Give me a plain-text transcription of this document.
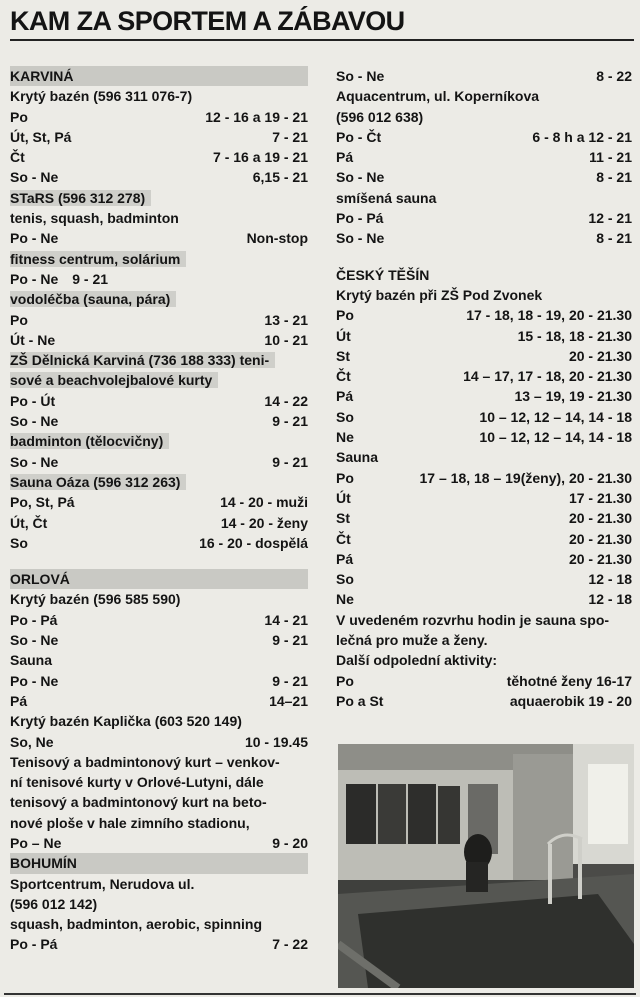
KAM ZA SPORTEM A ZÁBAVOU
KARVINÁ
Krytý bazén (596 311 076-7)
Po	12 - 16 a 19 - 21
Út, St, Pá	7 - 21
Čt	7 - 16 a 19 - 21
So - Ne	6,15 - 21
STaRS (596 312 278)
tenis, squash, badminton
Po - Ne	Non-stop
fitness centrum, solárium
Po - Ne	9 - 21
vodoléčba (sauna, pára)
Po	13 - 21
Út - Ne	10 - 21
ZŠ Dělnická Karviná (736 188 333) teni-
sové a beachvolejbalové kurty
Po - Út	14 - 22
So - Ne	9 - 21
badminton (tělocvičny)
So - Ne	9 - 21
Sauna Oáza (596 312 263)
Po, St, Pá	14 - 20 - muži
Út, Čt	14 - 20 - ženy
So	16 - 20 - dospělá
ORLOVÁ
Krytý bazén (596 585 590)
Po - Pá	14 - 21
So - Ne	9 - 21
Sauna
Po - Ne	9 - 21
Pá	14–21
Krytý bazén Kaplička (603 520 149)
So, Ne	10 - 19.45
Tenisový a badmintonový kurt – venkov-
ní tenisové kurty v Orlové-Lutyni, dále
tenisový a badmintonový kurt na beto-
nové ploše v hale zimního stadionu,
Po – Ne	9 - 20
BOHUMÍN
Sportcentrum, Nerudova ul.
(596 012 142)
squash, badminton, aerobic, spinning
Po - Pá	7 - 22
So - Ne	8 - 22
Aquacentrum, ul. Koperníkova
(596 012 638)
Po - Čt	6 - 8 h a 12 - 21
Pá	11 - 21
So - Ne	8 - 21
smíšená sauna
Po - Pá	12 - 21
So - Ne	8 - 21
ČESKÝ TĚŠÍN
Krytý bazén při ZŠ Pod Zvonek
Po	17 - 18, 18 - 19, 20 - 21.30
Út	15 - 18, 18 - 21.30
St	20 - 21.30
Čt	14 – 17, 17 - 18, 20 - 21.30
Pá	13 – 19, 19 - 21.30
So	10 – 12, 12 – 14, 14 - 18
Ne	10 – 12, 12 – 14, 14 - 18
Sauna
Po	17 – 18, 18 – 19(ženy), 20 - 21.30
Út	17 - 21.30
St	20 - 21.30
Čt	20 - 21.30
Pá	20 - 21.30
So	12 - 18
Ne	12 - 18
V uvedeném rozvrhu hodin je sauna spo-
lečná pro muže a ženy.
Další odpolední aktivity:
Po	těhotné ženy 16-17
Po a St	aquaerobik 19 - 20
